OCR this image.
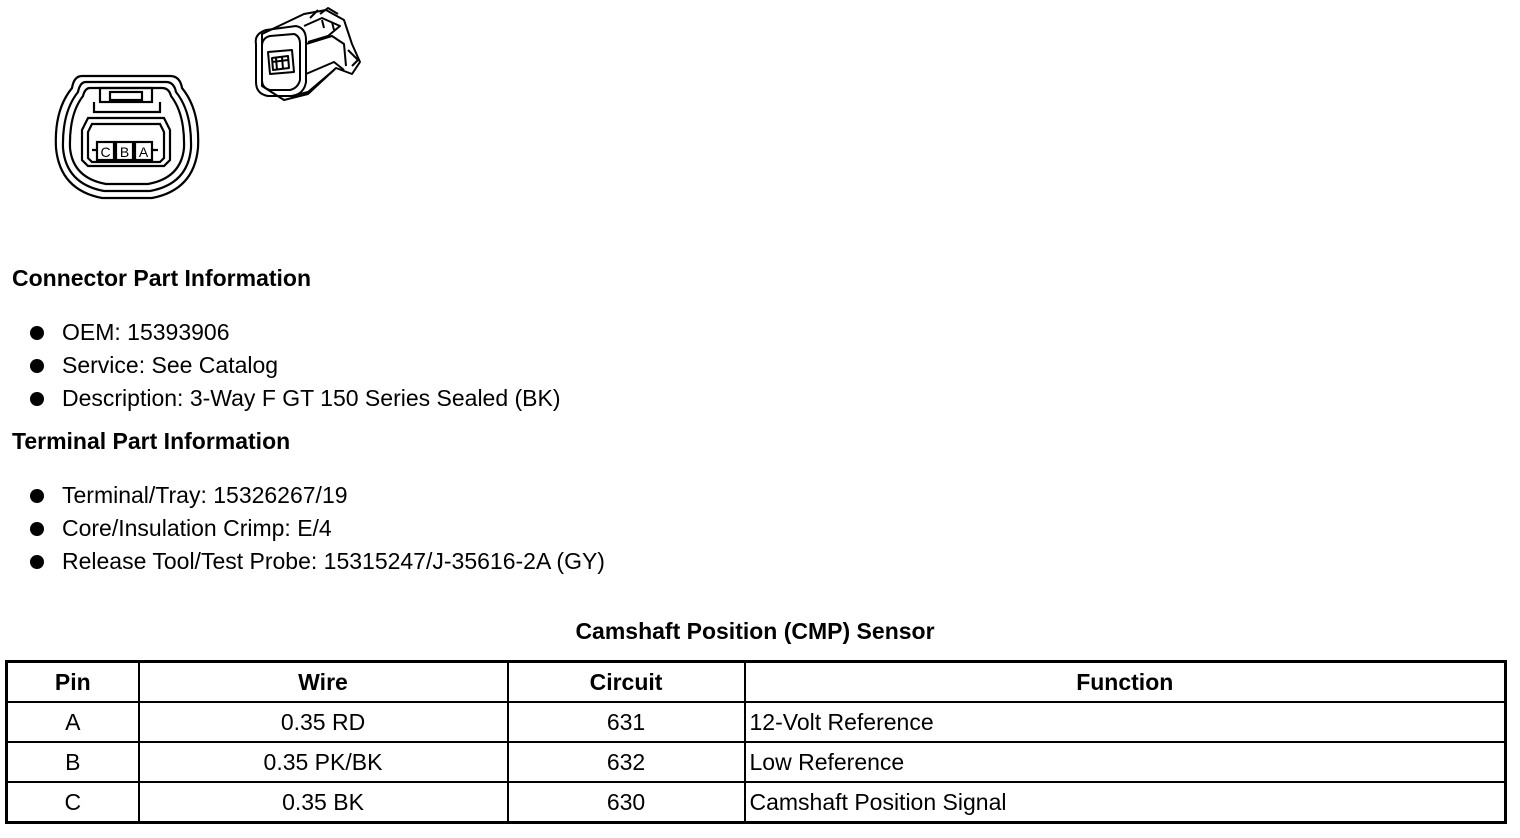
C B A
Connector Part Information
OEM: 15393906
Service: See Catalog
Description: 3-Way F GT 150 Series Sealed (BK)
Terminal Part Information
Terminal/Tray: 15326267/19
Core/Insulation Crimp: E/4
Release Tool/Test Probe: 15315247/J-35616-2A (GY)
Camshaft Position (CMP) Sensor
Pin	Wire	Circuit	Function
A	0.35 RD	631	12-Volt Reference
B	0.35 PK/BK	632	Low Reference
C	0.35 BK	630	Camshaft Position Signal
